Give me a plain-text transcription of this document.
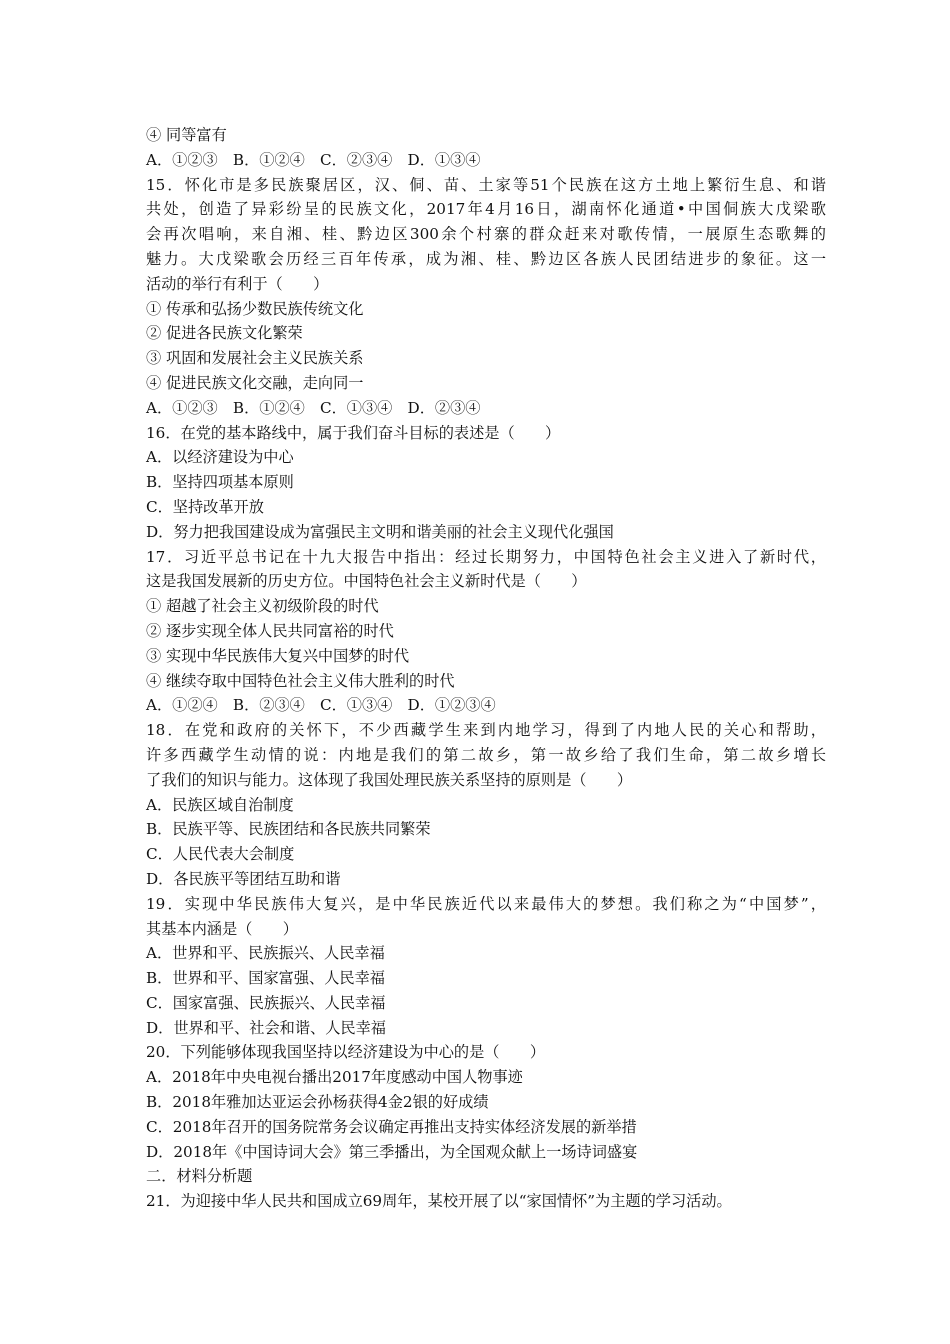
④ 同等富有
A．①②③　B．①②④　C．②③④　D．①③④
15．怀化市是多民族聚居区，汉、侗、苗、土家等51个民族在这方土地上繁衍生息、和谐
共处，创造了异彩纷呈的民族文化，2017年4月16日，湖南怀化通道•中国侗族大戊梁歌
会再次唱响，来自湘、桂、黔边区300余个村寨的群众赶来对歌传情，一展原生态歌舞的
魅力。大戊梁歌会历经三百年传承，成为湘、桂、黔边区各族人民团结进步的象征。这一
活动的举行有利于（　　）
① 传承和弘扬少数民族传统文化
② 促进各民族文化繁荣
③ 巩固和发展社会主义民族关系
④ 促进民族文化交融，走向同一
A．①②③　B．①②④　C．①③④　D．②③④
16．在党的基本路线中，属于我们奋斗目标的表述是（　　）
A．以经济建设为中心
B．坚持四项基本原则
C．坚持改革开放
D．努力把我国建设成为富强民主文明和谐美丽的社会主义现代化强国
17．习近平总书记在十九大报告中指出：经过长期努力，中国特色社会主义进入了新时代，
这是我国发展新的历史方位。中国特色社会主义新时代是（　　）
① 超越了社会主义初级阶段的时代
② 逐步实现全体人民共同富裕的时代
③ 实现中华民族伟大复兴中国梦的时代
④ 继续夺取中国特色社会主义伟大胜利的时代
A．①②④　B．②③④　C．①③④　D．①②③④
18．在党和政府的关怀下，不少西藏学生来到内地学习，得到了内地人民的关心和帮助，
许多西藏学生动情的说：内地是我们的第二故乡，第一故乡给了我们生命，第二故乡增长
了我们的知识与能力。这体现了我国处理民族关系坚持的原则是（　　）
A．民族区域自治制度
B．民族平等、民族团结和各民族共同繁荣
C．人民代表大会制度
D．各民族平等团结互助和谐
19．实现中华民族伟大复兴，是中华民族近代以来最伟大的梦想。我们称之为“中国梦”，
其基本内涵是（　　）
A．世界和平、民族振兴、人民幸福
B．世界和平、国家富强、人民幸福
C．国家富强、民族振兴、人民幸福
D．世界和平、社会和谐、人民幸福
20．下列能够体现我国坚持以经济建设为中心的是（　　）
A．2018年中央电视台播出2017年度感动中国人物事迹
B．2018年雅加达亚运会孙杨获得4金2银的好成绩
C．2018年召开的国务院常务会议确定再推出支持实体经济发展的新举措
D．2018年《中国诗词大会》第三季播出，为全国观众献上一场诗词盛宴
二．材料分析题
21．为迎接中华人民共和国成立69周年，某校开展了以“家国情怀”为主题的学习活动。
